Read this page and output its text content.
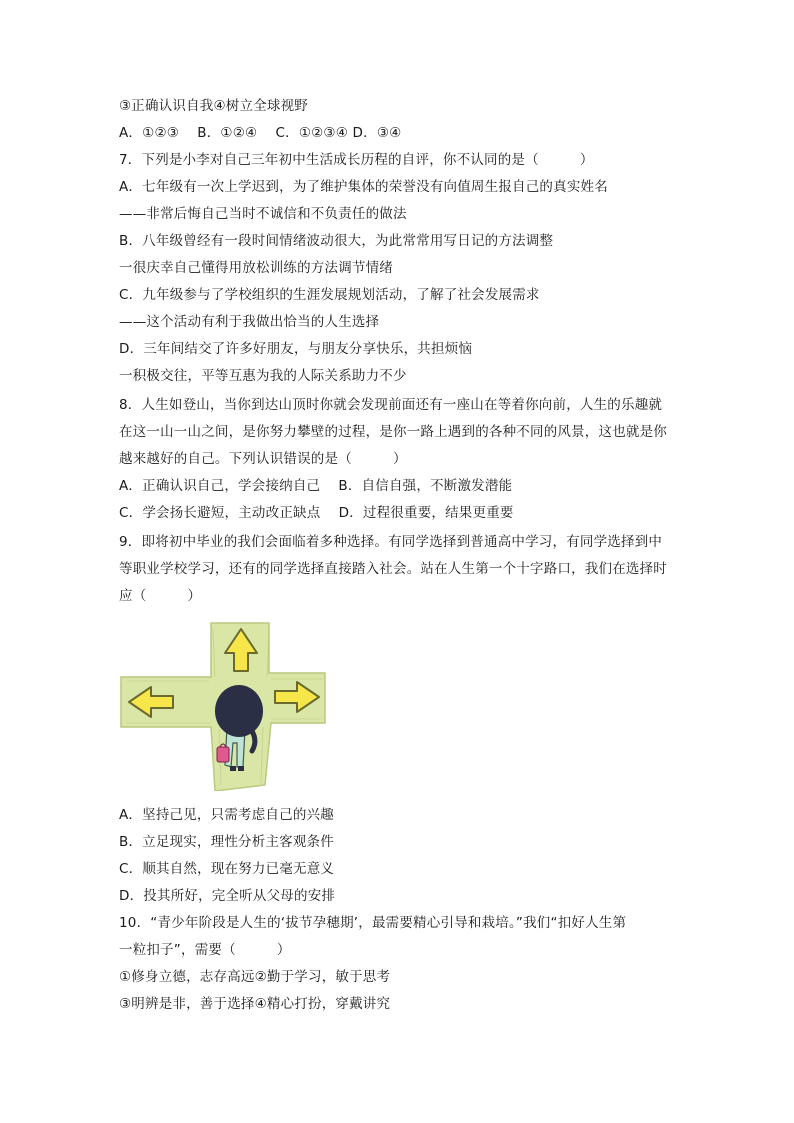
③正确认识自我④树立全球视野
A．①②③　 B．①②④　 C．①②③④ D．③④
7．下列是小李对自己三年初中生活成长历程的自评，你不认同的是（　　　）
A．七年级有一次上学迟到，为了维护集体的荣誉没有向值周生报自己的真实姓名
——非常后悔自己当时不诚信和不负责任的做法
B．八年级曾经有一段时间情绪波动很大，为此常常用写日记的方法调整
一很庆幸自己懂得用放松训练的方法调节情绪
C．九年级参与了学校组织的生涯发展规划活动，了解了社会发展需求
——这个活动有利于我做出恰当的人生选择
D．三年间结交了许多好朋友，与朋友分享快乐，共担烦恼
一积极交往，平等互惠为我的人际关系助力不少
8．人生如登山，当你到达山顶时你就会发现前面还有一座山在等着你向前，人生的乐趣就
在这一山一山之间，是你努力攀壁的过程，是你一路上遇到的各种不同的风景，这也就是你
越来越好的自己。下列认识错误的是（　　　）
A．正确认识自己，学会接纳自己　 B．自信自强，不断激发潜能
C．学会扬长避短，主动改正缺点　 D．过程很重要，结果更重要
9．即将初中毕业的我们会面临着多种选择。有同学选择到普通高中学习，有同学选择到中
等职业学校学习，还有的同学选择直接踏入社会。站在人生第一个十字路口，我们在选择时
应（　　　）
A．坚持己见，只需考虑自己的兴趣
B．立足现实，理性分析主客观条件
C．顺其自然，现在努力已毫无意义
D．投其所好，完全听从父母的安排
10．“青少年阶段是人生的‘拔节孕穗期’，最需要精心引导和栽培。”我们“扣好人生第
一粒扣子”，需要（　　　）
①修身立德，志存高远②勤于学习，敏于思考
③明辨是非，善于选择④精心打扮，穿戴讲究
